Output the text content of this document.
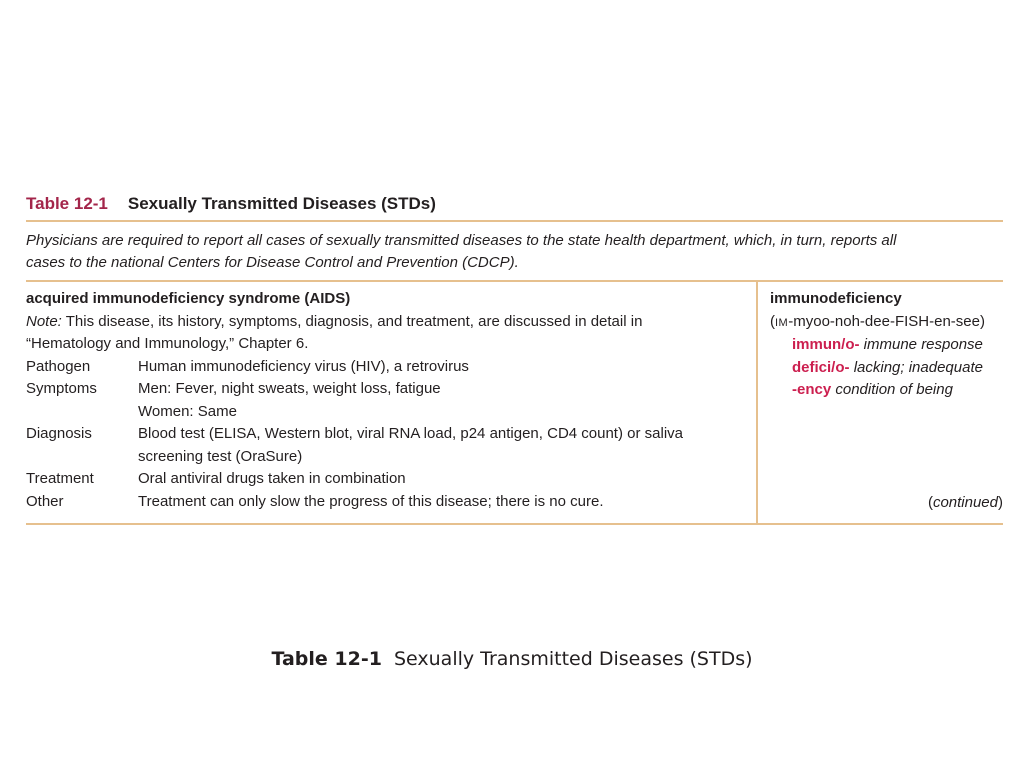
Table 12-1 Sexually Transmitted Diseases (STDs)
Physicians are required to report all cases of sexually transmitted diseases to the state health department, which, in turn, reports all
cases to the national Centers for Disease Control and Prevention (CDCP).
acquired immunodeficiency syndrome (AIDS)
Note: This disease, its history, symptoms, diagnosis, and treatment, are discussed in detail in
“Hematology and Immunology,” Chapter 6.
Pathogen	Human immunodeficiency virus (HIV), a retrovirus
Symptoms	Men: Fever, night sweats, weight loss, fatigue
Women: Same
Diagnosis	Blood test (ELISA, Western blot, viral RNA load, p24 antigen, CD4 count) or saliva
screening test (OraSure)
Treatment	Oral antiviral drugs taken in combination
Other	Treatment can only slow the progress of this disease; there is no cure.
immunodeficiency
(IM-myoo-noh-dee-FISH-en-see)
immun/o- immune response
defici/o- lacking; inadequate
-ency condition of being
(continued)
Table 12-1 Sexually Transmitted Diseases (STDs)
